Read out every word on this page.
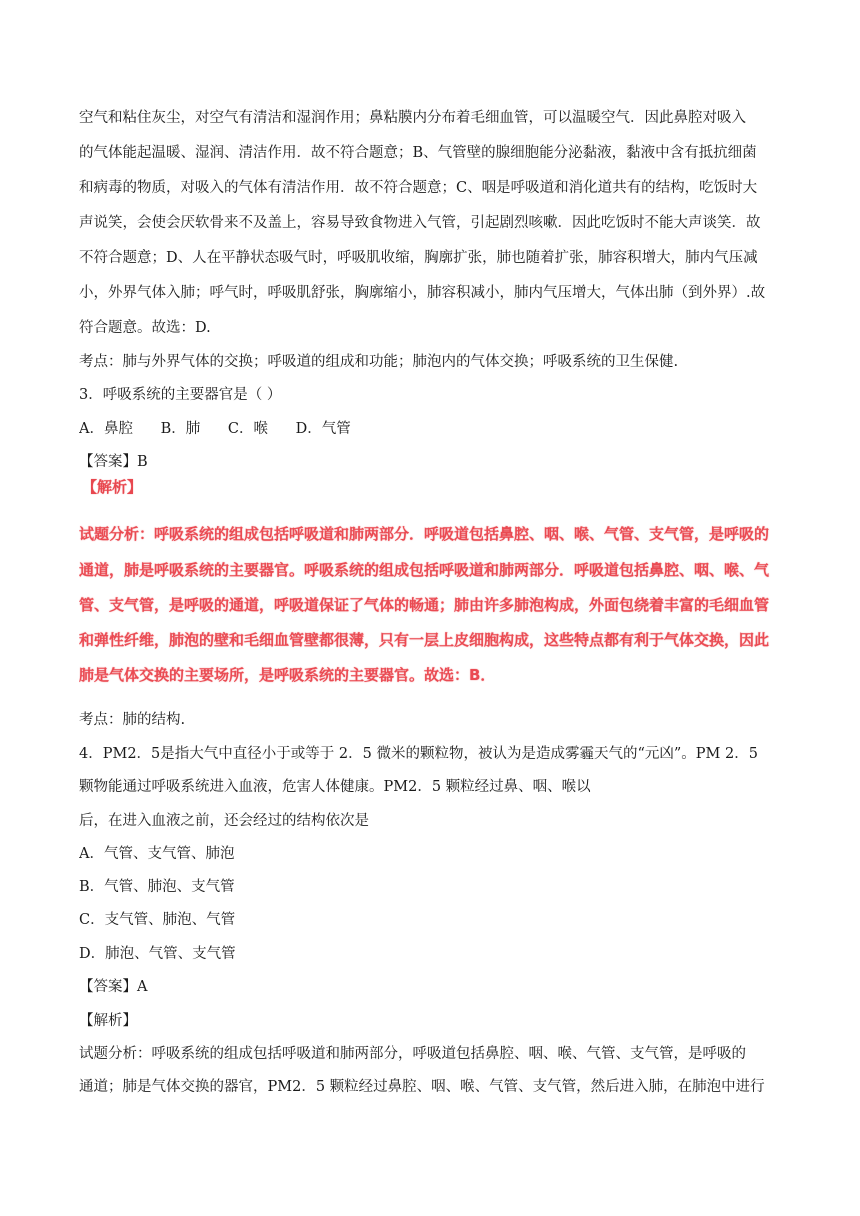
空气和粘住灰尘，对空气有清洁和湿润作用；鼻粘膜内分布着毛细血管，可以温暖空气．因此鼻腔对吸入
的气体能起温暖、湿润、清洁作用．故不符合题意；B、气管壁的腺细胞能分泌黏液，黏液中含有抵抗细菌
和病毒的物质，对吸入的气体有清洁作用．故不符合题意；C、咽是呼吸道和消化道共有的结构，吃饭时大
声说笑，会使会厌软骨来不及盖上，容易导致食物进入气管，引起剧烈咳嗽．因此吃饭时不能大声谈笑．故
不符合题意；D、人在平静状态吸气时，呼吸肌收缩，胸廓扩张，肺也随着扩张，肺容积增大，肺内气压减
小，外界气体入肺；呼气时，呼吸肌舒张，胸廓缩小，肺容积减小，肺内气压增大，气体出肺（到外界）.故
符合题意。故选：D.
考点：肺与外界气体的交换；呼吸道的组成和功能；肺泡内的气体交换；呼吸系统的卫生保健.
3．呼吸系统的主要器官是（ ）
A．鼻腔      B．肺      C．喉      D．气管
【答案】B
【解析】
试题分析：呼吸系统的组成包括呼吸道和肺两部分．呼吸道包括鼻腔、咽、喉、气管、支气管，是呼吸的
通道，肺是呼吸系统的主要器官。呼吸系统的组成包括呼吸道和肺两部分．呼吸道包括鼻腔、咽、喉、气
管、支气管，是呼吸的通道，呼吸道保证了气体的畅通；肺由许多肺泡构成，外面包绕着丰富的毛细血管
和弹性纤维，肺泡的壁和毛细血管壁都很薄，只有一层上皮细胞构成，这些特点都有利于气体交换，因此
肺是气体交换的主要场所，是呼吸系统的主要器官。故选：B．
考点：肺的结构.
4．PM2．5是指大气中直径小于或等于 2．5 微米的颗粒物，被认为是造成雾霾天气的“元凶”。PM 2．5
颗物能通过呼吸系统进入血液，危害人体健康。PM2．5 颗粒经过鼻、咽、喉以
后，在进入血液之前，还会经过的结构依次是
A．气管、支气管、肺泡
B．气管、肺泡、支气管
C．支气管、肺泡、气管
D．肺泡、气管、支气管
【答案】A
【解析】
试题分析：呼吸系统的组成包括呼吸道和肺两部分，呼吸道包括鼻腔、咽、喉、气管、支气管，是呼吸的
通道；肺是气体交换的器官，PM2．5 颗粒经过鼻腔、咽、喉、气管、支气管，然后进入肺，在肺泡中进行
